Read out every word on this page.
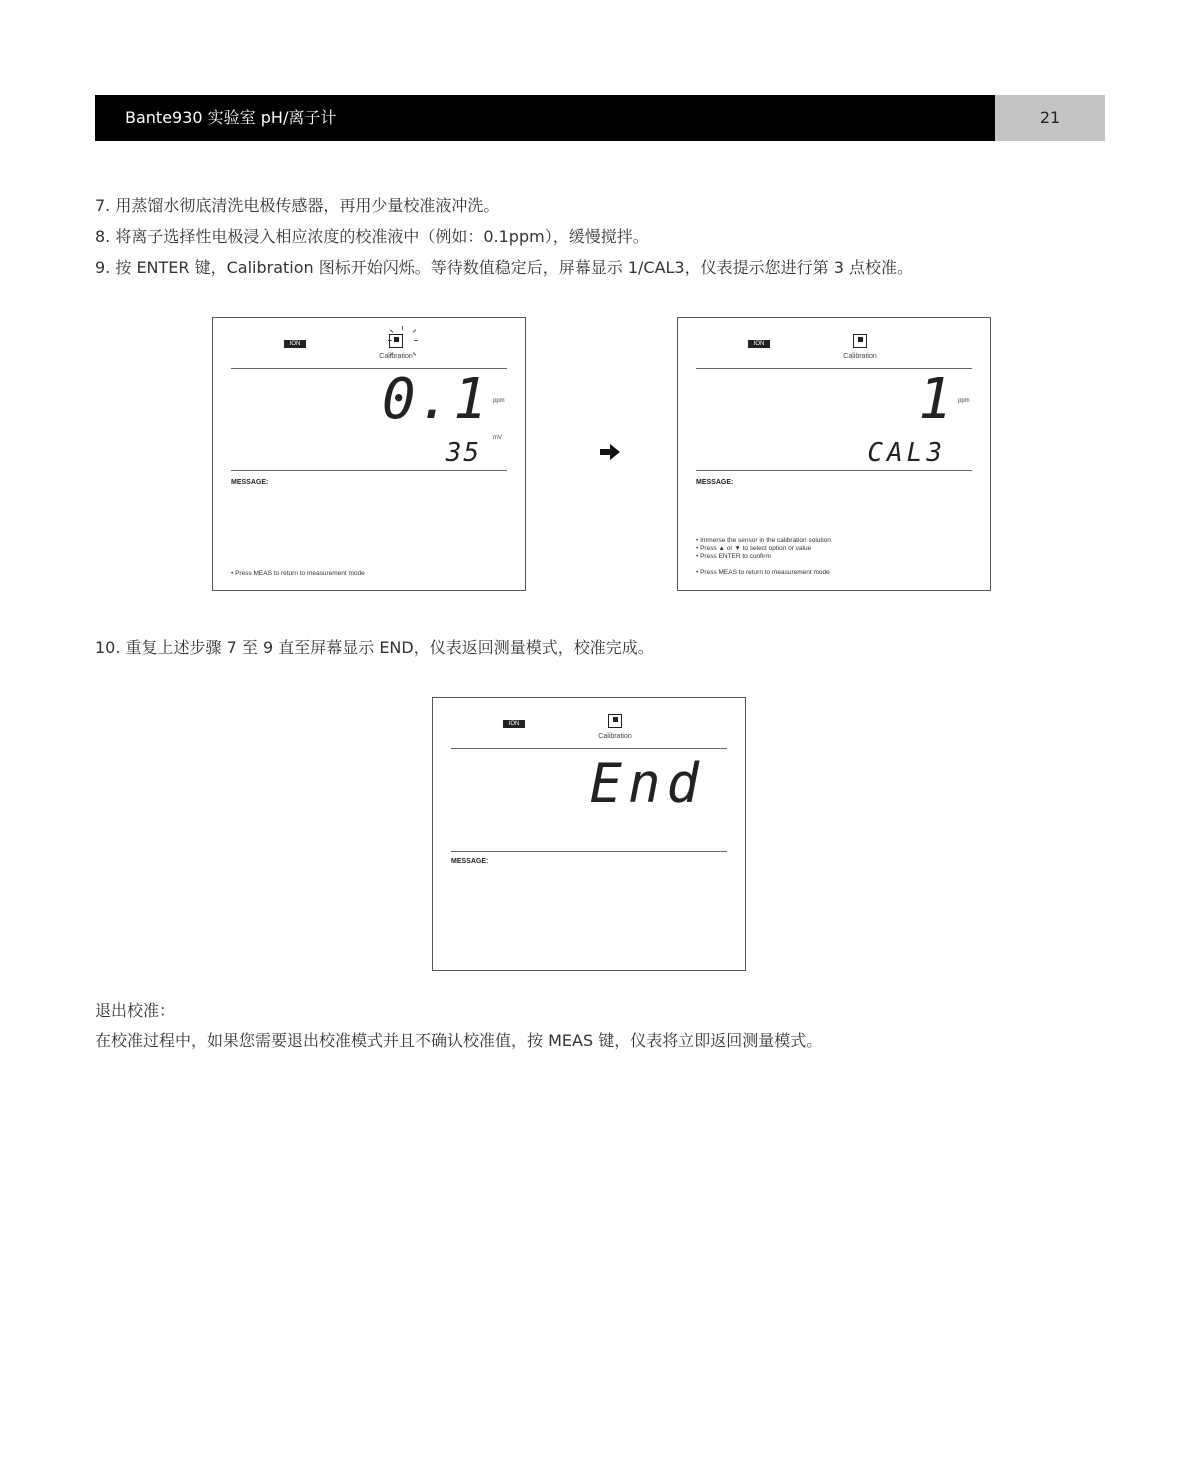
Bante930 实验室 pH/离子计	21
7. 用蒸馏水彻底清洗电极传感器，再用少量校准液冲洗。
8. 将离子选择性电极浸入相应浓度的校准液中（例如：0.1ppm），缓慢搅拌。
9. 按 ENTER 键，Calibration 图标开始闪烁。等待数值稳定后，屏幕显示 1/CAL3，仪表提示您进行第 3 点校准。
ION
Calibration
0.1 ppm
35 mV
MESSAGE:
• Press MEAS to return to measurement mode
ION
Calibration
1 ppm
CAL3
MESSAGE:
• Immerse the sensor in the calibration solution
• Press ▲ or ▼ to select option or value
• Press ENTER to confirm
• Press MEAS to return to measurement mode
10. 重复上述步骤 7 至 9 直至屏幕显示 END，仪表返回测量模式，校准完成。
ION
Calibration
End
MESSAGE:
退出校准：
在校准过程中，如果您需要退出校准模式并且不确认校准值，按 MEAS 键，仪表将立即返回测量模式。
